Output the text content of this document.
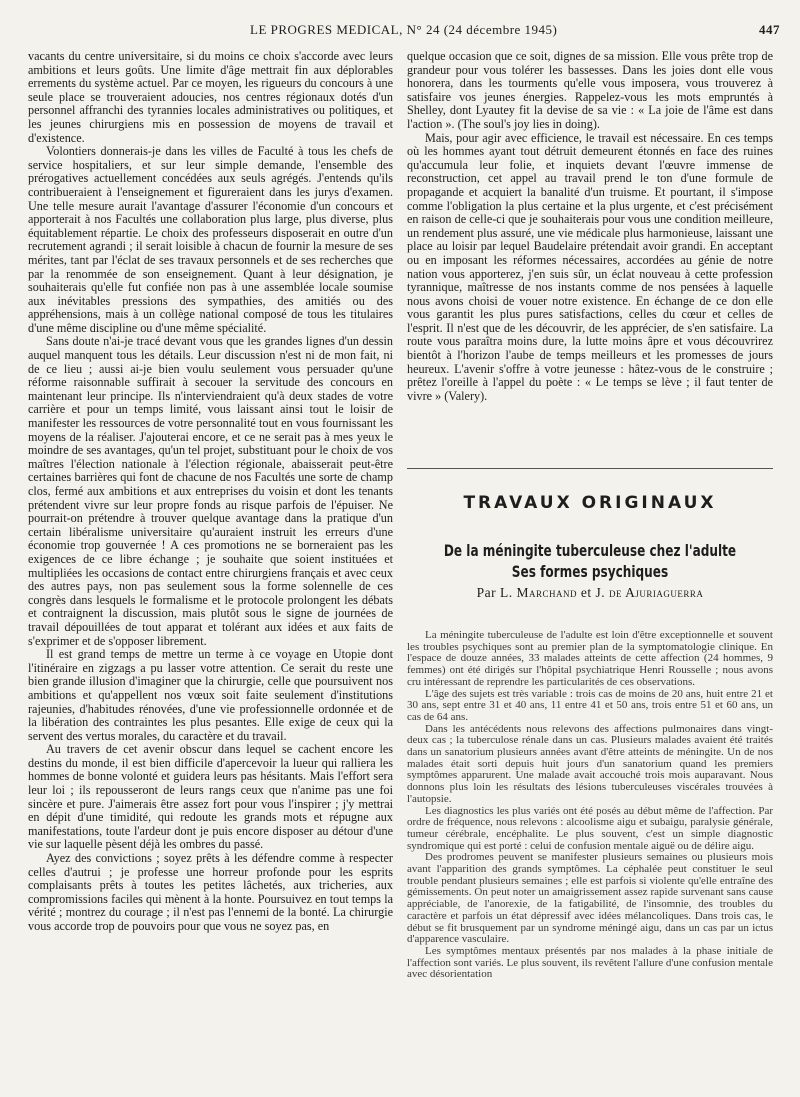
LE PROGRES MEDICAL, N° 24 (24 décembre 1945)	447

vacants du centre universitaire, si du moins ce choix s'accorde avec leurs ambitions et leurs goûts. Une limite d'âge mettrait fin aux déplorables errements du système actuel. Par ce moyen, les rigueurs du concours à une seule place se trouveraient adoucies, nos centres régionaux dotés d'un personnel affranchi des tyrannies locales administratives ou politiques, et les jeunes chirurgiens mis en possession de moyens de travail et d'existence.

Volontiers donnerais-je dans les villes de Faculté à tous les chefs de service hospitaliers, et sur leur simple demande, l'ensemble des prérogatives actuellement concédées aux seuls agrégés. J'entends qu'ils contribueraient à l'enseignement et figureraient dans les jurys d'examen. Une telle mesure aurait l'avantage d'assurer l'économie d'un concours et apporterait à nos Facultés une collaboration plus large, plus diverse, plus équitablement répartie. Le choix des professeurs disposerait en outre d'un recrutement agrandi ; il serait loisible à chacun de fournir la mesure de ses mérites, tant par l'éclat de ses travaux personnels et de ses recherches que par la renommée de son enseignement. Quant à leur désignation, je souhaiterais qu'elle fut confiée non pas à une assemblée locale soumise aux inévitables pressions des sympathies, des amitiés ou des appréhensions, mais à un collège national composé de tous les titulaires d'une même discipline ou d'une même spécialité.

Sans doute n'ai-je tracé devant vous que les grandes lignes d'un dessin auquel manquent tous les détails. Leur discussion n'est ni de mon fait, ni de ce lieu ; aussi ai-je bien voulu seulement vous persuader qu'une réforme raisonnable suffirait à secouer la servitude des concours en maintenant leur principe. Ils n'interviendraient qu'à deux stades de votre carrière et pour un temps limité, vous laissant ainsi tout le loisir de manifester les ressources de votre personnalité tout en vous fournissant les moyens de la réaliser. J'ajouterai encore, et ce ne serait pas à mes yeux le moindre de ses avantages, qu'un tel projet, substituant pour le choix de vos maîtres l'élection nationale à l'élection régionale, abaisserait peut-être certaines barrières qui font de chacune de nos Facultés une sorte de champ clos, fermé aux ambitions et aux entreprises du voisin et dont les tenants prétendent vivre sur leur propre fonds au risque parfois de l'épuiser. Ne pourrait-on prétendre à trouver quelque avantage dans la pratique d'un certain libéralisme universitaire qu'auraient instruit les erreurs d'une économie trop gouvernée ! A ces promotions ne se borneraient pas les exigences de ce libre échange ; je souhaite que soient instituées et multipliées les occasions de contact entre chirurgiens français et avec ceux des autres pays, non pas seulement sous la forme solennelle de ces congrès dans lesquels le formalisme et le protocole prolongent les débats et contraignent la discussion, mais plutôt sous le signe de journées de travail dépouillées de tout apparat et tolérant aux idées et aux faits de s'exprimer et de s'opposer librement.

Il est grand temps de mettre un terme à ce voyage en Utopie dont l'itinéraire en zigzags a pu lasser votre attention. Ce serait du reste une bien grande illusion d'imaginer que la chirurgie, celle que poursuivent nos ambitions et qu'appellent nos vœux soit faite seulement d'institutions rajeunies, d'habitudes rénovées, d'une vie professionnelle ordonnée et de la libération des contraintes les plus pesantes. Elle exige de ceux qui la servent des vertus morales, du caractère et du travail.

Au travers de cet avenir obscur dans lequel se cachent encore les destins du monde, il est bien difficile d'apercevoir la lueur qui ralliera les hommes de bonne volonté et guidera leurs pas hésitants. Mais l'effort sera leur loi ; ils repousseront de leurs rangs ceux que n'anime pas une foi sincère et pure. J'aimerais être assez fort pour vous l'inspirer ; j'y mettrai en dépit d'une timidité, qui redoute les grands mots et répugne aux manifestations, toute l'ardeur dont je puis encore disposer au détour d'une vie sur laquelle pèsent déjà les ombres du passé.

Ayez des convictions ; soyez prêts à les défendre comme à respecter celles d'autrui ; je professe une horreur profonde pour les esprits complaisants prêts à toutes les petites lâchetés, aux tricheries, aux compromissions faciles qui mènent à la honte. Poursuivez en tout temps la vérité ; montrez du courage ; il n'est pas l'ennemi de la bonté. La chirurgie vous accorde trop de pouvoirs pour que vous ne soyez pas, en

quelque occasion que ce soit, dignes de sa mission. Elle vous prête trop de grandeur pour vous tolérer les bassesses. Dans les joies dont elle vous honorera, dans les tourments qu'elle vous imposera, vous trouverez à satisfaire vos jeunes énergies. Rappelez-vous les mots empruntés à Shelley, dont Lyautey fit la devise de sa vie : « La joie de l'âme est dans l'action ». (The soul's joy lies in doing).

Mais, pour agir avec efficience, le travail est nécessaire. En ces temps où les hommes ayant tout détruit demeurent étonnés en face des ruines qu'accumula leur folie, et inquiets devant l'œuvre immense de reconstruction, cet appel au travail prend le ton d'une formule de propagande et acquiert la banalité d'un truisme. Et pourtant, il s'impose comme l'obligation la plus certaine et la plus urgente, et c'est précisément en raison de celle-ci que je souhaiterais pour vous une condition meilleure, un rendement plus assuré, une vie médicale plus harmonieuse, laissant une place au loisir par lequel Baudelaire prétendait avoir grandi. En acceptant ou en imposant les réformes nécessaires, accordées au génie de notre nation vous apporterez, j'en suis sûr, un éclat nouveau à cette profession tyrannique, maîtresse de nos instants comme de nos pensées à laquelle nous avons choisi de vouer notre existence. En échange de ce don elle vous garantit les plus pures satisfactions, celles du cœur et celles de l'esprit. Il n'est que de les découvrir, de les apprécier, de s'en satisfaire. La route vous paraîtra moins dure, la lutte moins âpre et vous découvrirez bientôt à l'horizon l'aube de temps meilleurs et les promesses de jours heureux. L'avenir s'offre à votre jeunesse : hâtez-vous de le construire ; prêtez l'oreille à l'appel du poète : « Le temps se lève ; il faut tenter de vivre » (Valery).

TRAVAUX ORIGINAUX
De la méningite tuberculeuse chez l'adulte
Ses formes psychiques
Par L. Marchand et J. de Ajuriaguerra

La méningite tuberculeuse de l'adulte est loin d'être exceptionnelle et souvent les troubles psychiques sont au premier plan de la symptomatologie clinique. En l'espace de douze années, 33 malades atteints de cette affection (24 hommes, 9 femmes) ont été dirigés sur l'hôpital psychiatrique Henri Rousselle ; nous avons cru intéressant de reprendre les particularités de ces observations.

L'âge des sujets est très variable : trois cas de moins de 20 ans, huit entre 21 et 30 ans, sept entre 31 et 40 ans, 11 entre 41 et 50 ans, trois entre 51 et 60 ans, un cas de 64 ans.

Dans les antécédents nous relevons des affections pulmonaires dans vingt-deux cas ; la tuberculose rénale dans un cas. Plusieurs malades avaient été traités dans un sanatorium plusieurs années avant d'être atteints de méningite. Un de nos malades était sorti depuis huit jours d'un sanatorium quand les premiers symptômes apparurent. Une malade avait accouché trois mois auparavant. Nous donnons plus loin les résultats des lésions tuberculeuses viscérales trouvées à l'autopsie.

Les diagnostics les plus variés ont été posés au début même de l'affection. Par ordre de fréquence, nous relevons : alcoolisme aigu et subaigu, paralysie générale, tumeur cérébrale, encéphalite. Le plus souvent, c'est un simple diagnostic syndromique qui est porté : celui de confusion mentale aiguë ou de délire aigu.

Des prodromes peuvent se manifester plusieurs semaines ou plusieurs mois avant l'apparition des grands symptômes. La céphalée peut constituer le seul trouble pendant plusieurs semaines ; elle est parfois si violente qu'elle entraîne des gémissements. On peut noter un amaigrissement assez rapide survenant sans cause appréciable, de l'anorexie, de la fatigabilité, de l'insomnie, des troubles du caractère et parfois un état dépressif avec idées mélancoliques. Dans trois cas, le début se fit brusquement par un syndrome méningé aigu, dans un cas par un ictus d'apparence vasculaire.

Les symptômes mentaux présentés par nos malades à la phase initiale de l'affection sont variés. Le plus souvent, ils revêtent l'allure d'une confusion mentale avec désorientation
